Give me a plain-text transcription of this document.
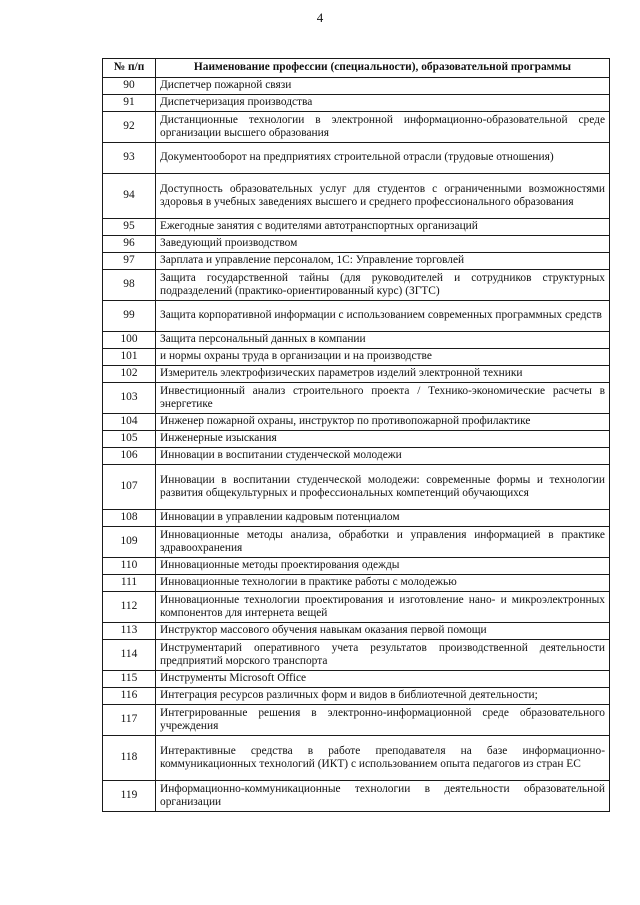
4
№ п/п	Наименование профессии (специальности), образовательной программы
90	Диспетчер пожарной связи
91	Диспетчеризация производства
92	Дистанционные технологии в электронной информационно-образовательной среде организации высшего образования
93	Документооборот на предприятиях строительной отрасли (трудовые отношения)
94	Доступность образовательных услуг для студентов с ограниченными возможностями здоровья в учебных заведениях высшего и среднего профессионального образования
95	Ежегодные занятия с водителями автотранспортных организаций
96	Заведующий производством
97	Зарплата и управление персоналом, 1С: Управление торговлей
98	Защита государственной тайны (для руководителей и сотрудников структурных подразделений (практико-ориентированный курс) (ЗГТС)
99	Защита корпоративной информации с использованием современных программных средств
100	Защита персональный данных в компании
101	и нормы охраны труда в организации и на производстве
102	Измеритель электрофизических параметров изделий электронной техники
103	Инвестиционный анализ строительного проекта / Технико-экономические расчеты в энергетике
104	Инженер пожарной охраны, инструктор по противопожарной профилактике
105	Инженерные изыскания
106	Инновации в воспитании студенческой молодежи
107	Инновации в воспитании студенческой молодежи: современные формы и технологии развития общекультурных и профессиональных компетенций обучающихся
108	Инновации в управлении кадровым потенциалом
109	Инновационные методы анализа, обработки и управления информацией в практике здравоохранения
110	Инновационные методы проектирования одежды
111	Инновационные технологии в практике работы с молодежью
112	Инновационные технологии проектирования и изготовление нано- и микроэлектронных компонентов для интернета вещей
113	Инструктор массового обучения навыкам оказания первой помощи
114	Инструментарий оперативного учета результатов производственной деятельности предприятий морского транспорта
115	Инструменты Microsoft Office
116	Интеграция ресурсов различных форм и видов в библиотечной деятельности;
117	Интегрированные решения в электронно-информационной среде образовательного учреждения
118	Интерактивные средства в работе преподавателя на базе информационно-коммуникационных технологий (ИКТ) с использованием опыта педагогов из стран ЕС
119	Информационно-коммуникационные технологии в деятельности образовательной организации
